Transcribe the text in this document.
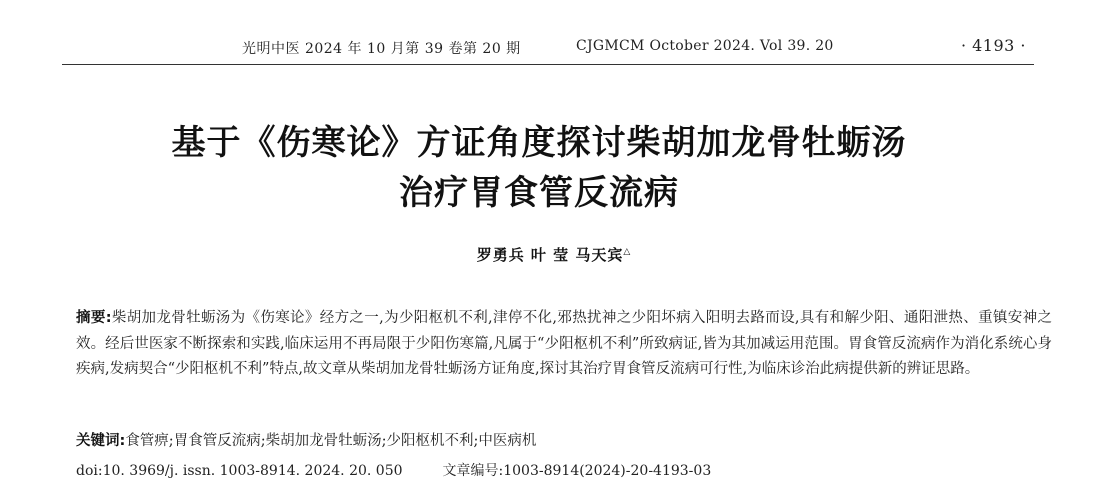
光明中医 2024 年 10 月第 39 卷第 20 期	CJGMCM October 2024. Vol 39. 20	· 4193 ·
基于《伤寒论》方证角度探讨柴胡加龙骨牡蛎汤
治疗胃食管反流病
罗勇兵 叶 莹 马天宾△
摘要:柴胡加龙骨牡蛎汤为《伤寒论》经方之一,为少阳枢机不利,津停不化,邪热扰神之少阳坏病入阳明去路而设,具有和解少阳、通阳泄热、重镇安神之效。经后世医家不断探索和实践,临床运用不再局限于少阳伤寒篇,凡属于“少阳枢机不利”所致病证,皆为其加减运用范围。胃食管反流病作为消化系统心身疾病,发病契合“少阳枢机不利”特点,故文章从柴胡加龙骨牡蛎汤方证角度,探讨其治疗胃食管反流病可行性,为临床诊治此病提供新的辨证思路。
关键词:食管痹;胃食管反流病;柴胡加龙骨牡蛎汤;少阳枢机不利;中医病机
doi:10. 3969/j. issn. 1003-8914. 2024. 20. 050	文章编号:1003-8914(2024)-20-4193-03
